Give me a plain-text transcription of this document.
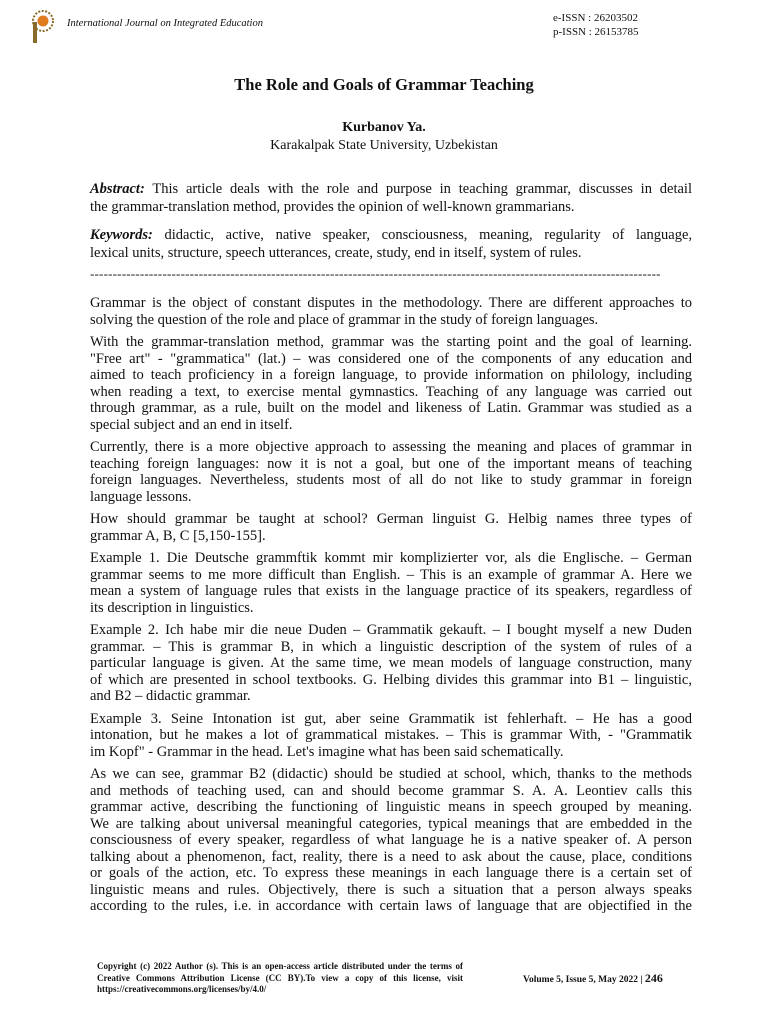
International Journal on Integrated Education	e-ISSN : 26203502
p-ISSN : 26153785
The Role and Goals of Grammar Teaching
Kurbanov Ya.
Karakalpak State University, Uzbekistan
Abstract: This article deals with the role and purpose in teaching grammar, discusses in detail
the grammar-translation method, provides the opinion of well-known grammarians.
Keywords: didactic, active, native speaker, consciousness, meaning, regularity of language,
lexical units, structure, speech utterances, create, study, end in itself, system of rules.
------------------------------------------------------------------------------------------------------------------------------
Grammar is the object of constant disputes in the methodology. There are different approaches to
solving the question of the role and place of grammar in the study of foreign languages.
With the grammar-translation method, grammar was the starting point and the goal of learning.
"Free art" - "grammatica" (lat.) – was considered one of the components of any education and
aimed to teach proficiency in a foreign language, to provide information on philology, including
when reading a text, to exercise mental gymnastics. Teaching of any language was carried out
through grammar, as a rule, built on the model and likeness of Latin. Grammar was studied as a
special subject and an end in itself.
Currently, there is a more objective approach to assessing the meaning and places of grammar in
teaching foreign languages: now it is not a goal, but one of the important means of teaching
foreign languages. Nevertheless, students most of all do not like to study grammar in foreign
language lessons.
How should grammar be taught at school? German linguist G. Helbig names three types of
grammar A, B, C [5,150-155].
Example 1. Die Deutsche grammftik kommt mir komplizierter vor, als die Englische. – German
grammar seems to me more difficult than English. – This is an example of grammar A. Here we
mean a system of language rules that exists in the language practice of its speakers, regardless of
its description in linguistics.
Example 2. Ich habe mir die neue Duden – Grammatik gekauft. – I bought myself a new Duden
grammar. – This is grammar B, in which a linguistic description of the system of rules of a
particular language is given. At the same time, we mean models of language construction, many
of which are presented in school textbooks. G. Helbing divides this grammar into B1 – linguistic,
and B2 – didactic grammar.
Example 3. Seine Intonation ist gut, aber seine Grammatik ist fehlerhaft. – He has a good
intonation, but he makes a lot of grammatical mistakes. – This is grammar With, - "Grammatik
im Kopf" - Grammar in the head. Let's imagine what has been said schematically.
As we can see, grammar B2 (didactic) should be studied at school, which, thanks to the methods
and methods of teaching used, can and should become grammar S. A. A. Leontiev calls this
grammar active, describing the functioning of linguistic means in speech grouped by meaning.
We are talking about universal meaningful categories, typical meanings that are embedded in the
consciousness of every speaker, regardless of what language he is a native speaker of. A person
talking about a phenomenon, fact, reality, there is a need to ask about the cause, place, conditions
or goals of the action, etc. To express these meanings in each language there is a certain set of
linguistic means and rules. Objectively, there is such a situation that a person always speaks
according to the rules, i.e. in accordance with certain laws of language that are objectified in the
Copyright (c) 2022 Author (s). This is an open-access article distributed under the terms of Creative Commons Attribution License (CC BY).To view a copy of this license, visit https://creativecommons.org/licenses/by/4.0/
Volume 5, Issue 5, May 2022 | 246
